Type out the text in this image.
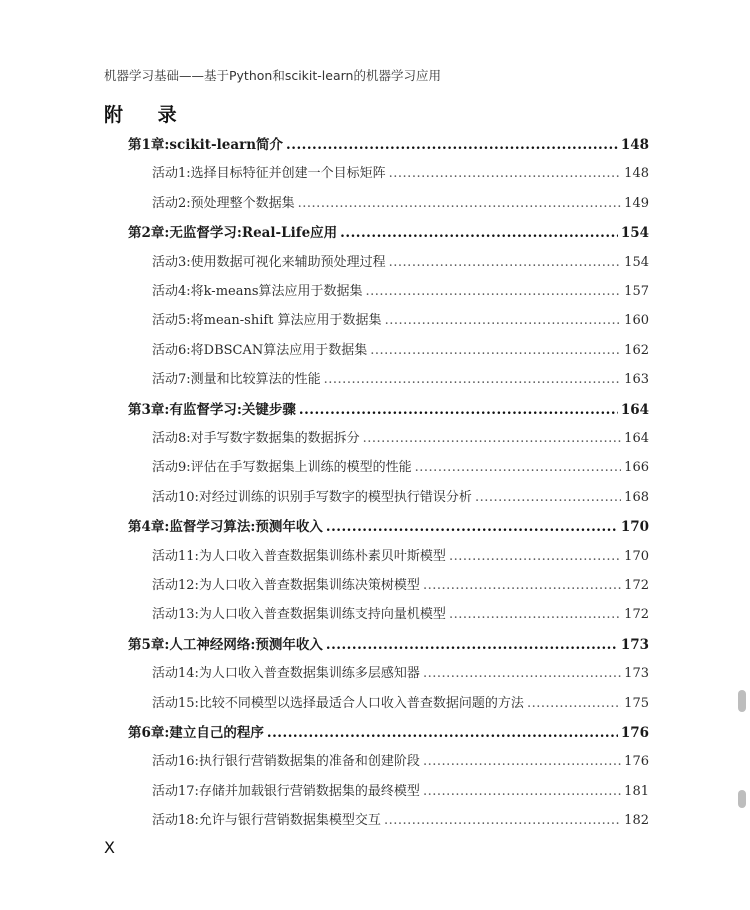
机器学习基础——基于Python和scikit-learn的机器学习应用
附 录
第1章:scikit-learn简介 .....	148
活动1:选择目标特征并创建一个目标矩阵 .....	148
活动2:预处理整个数据集 .....	149
第2章:无监督学习:Real-Life应用 .....	154
活动3:使用数据可视化来辅助预处理过程 .....	154
活动4:将k-means算法应用于数据集 .....	157
活动5:将mean-shift 算法应用于数据集 .....	160
活动6:将DBSCAN算法应用于数据集 .....	162
活动7:测量和比较算法的性能 .....	163
第3章:有监督学习:关键步骤 .....	164
活动8:对手写数字数据集的数据拆分 .....	164
活动9:评估在手写数据集上训练的模型的性能 .....	166
活动10:对经过训练的识别手写数字的模型执行错误分析 .....	168
第4章:监督学习算法:预测年收入 .....	170
活动11:为人口收入普查数据集训练朴素贝叶斯模型 .....	170
活动12:为人口收入普查数据集训练决策树模型 .....	172
活动13:为人口收入普查数据集训练支持向量机模型 .....	172
第5章:人工神经网络:预测年收入 .....	173
活动14:为人口收入普查数据集训练多层感知器 .....	173
活动15:比较不同模型以选择最适合人口收入普查数据问题的方法 .....	175
第6章:建立自己的程序 .....	176
活动16:执行银行营销数据集的准备和创建阶段 .....	176
活动17:存储并加载银行营销数据集的最终模型 .....	181
活动18:允许与银行营销数据集模型交互 .....	182
X
